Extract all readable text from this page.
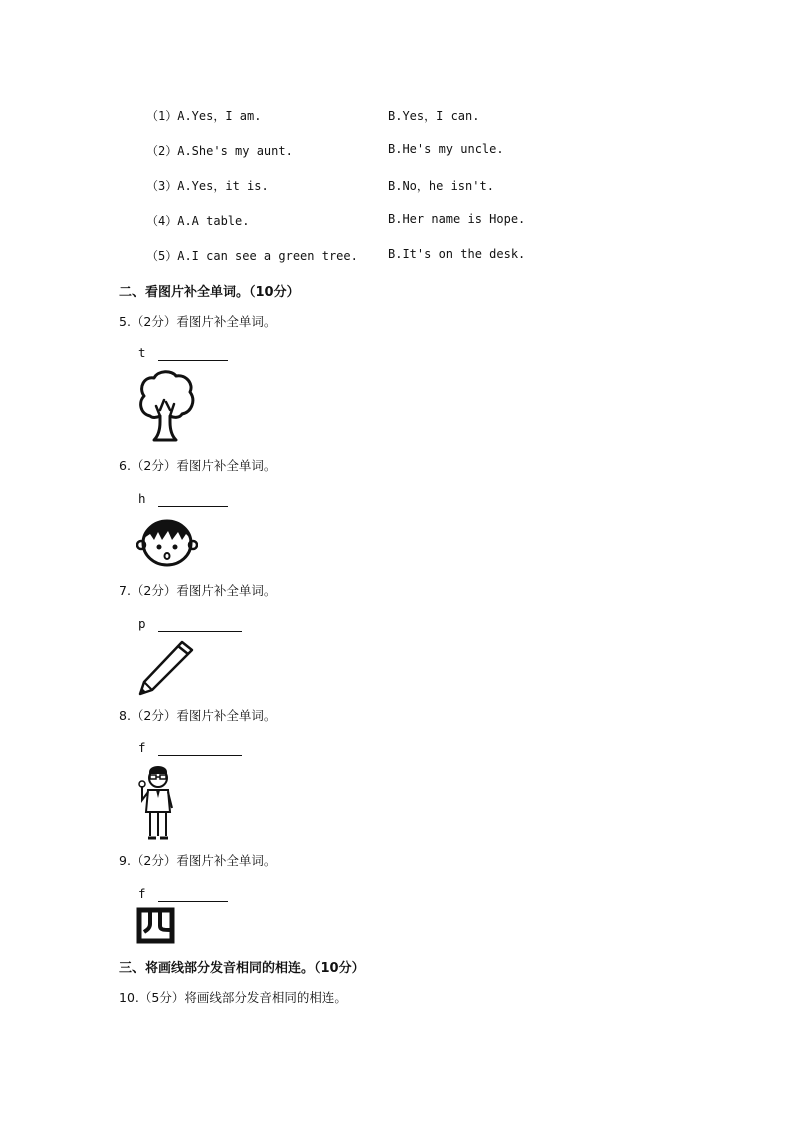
（1）A.Yes，I am.	B.Yes，I can.
（2）A.She's my aunt.	B.He's my uncle.
（3）A.Yes，it is.	B.No，he isn't.
（4）A.A table.	B.Her name is Hope.
（5）A.I can see a green tree.	B.It's on the desk.
二、看图片补全单词。（10分）
5.（2分）看图片补全单词。
t
6.（2分）看图片补全单词。
h
7.（2分）看图片补全单词。
p
8.（2分）看图片补全单词。
f
9.（2分）看图片补全单词。
f
三、将画线部分发音相同的相连。（10分）
10.（5分）将画线部分发音相同的相连。
